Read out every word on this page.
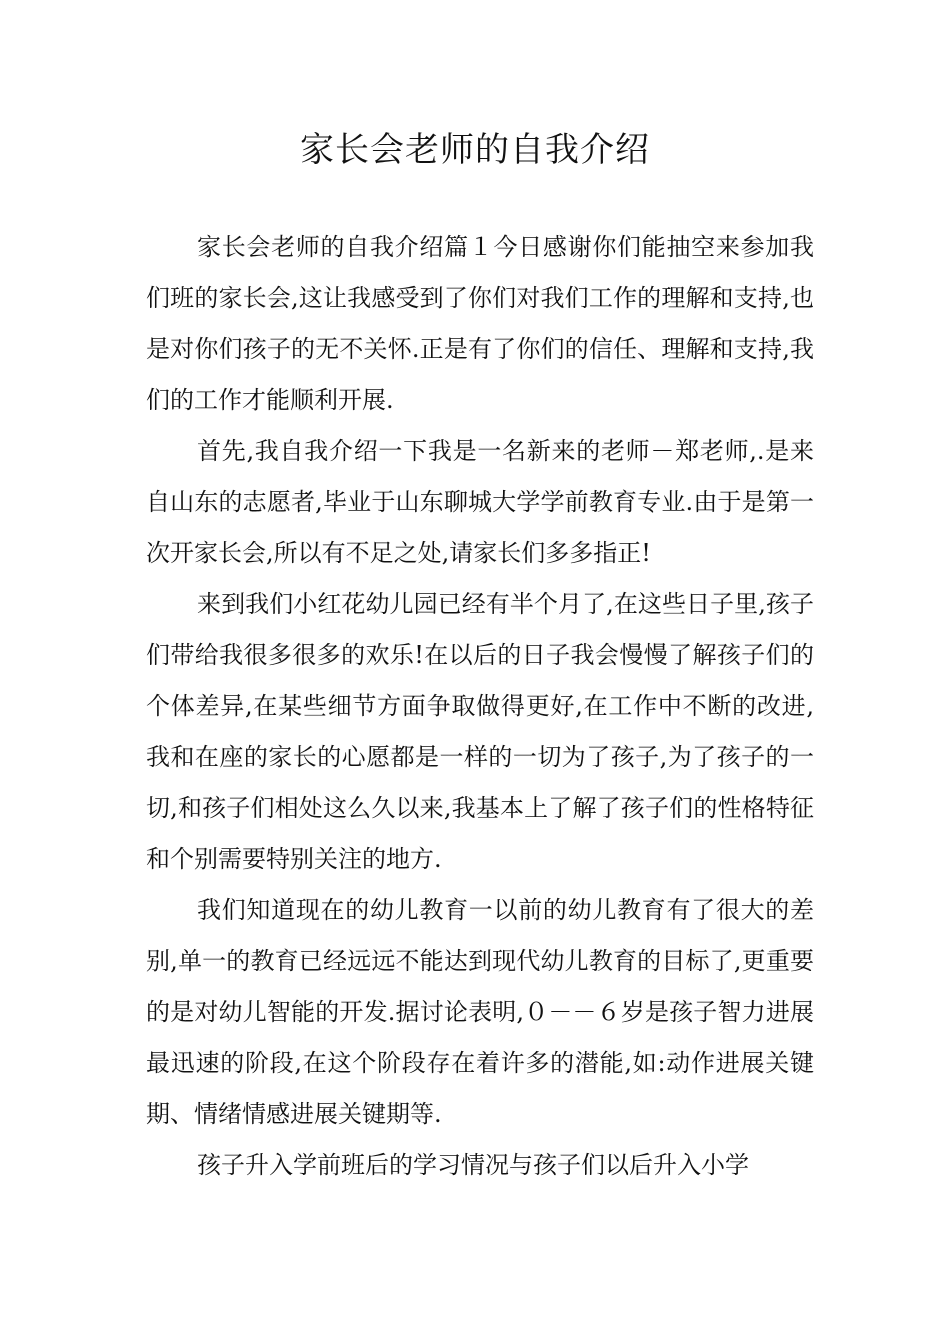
家长会老师的自我介绍

家长会老师的自我介绍篇１今日感谢你们能抽空来参加我们班的家长会,这让我感受到了你们对我们工作的理解和支持,也是对你们孩子的无不关怀.正是有了你们的信任、理解和支持,我们的工作才能顺利开展.

首先,我自我介绍一下我是一名新来的老师－郑老师,.是来自山东的志愿者,毕业于山东聊城大学学前教育专业.由于是第一次开家长会,所以有不足之处,请家长们多多指正!

来到我们小红花幼儿园已经有半个月了,在这些日子里,孩子们带给我很多很多的欢乐!在以后的日子我会慢慢了解孩子们的个体差异,在某些细节方面争取做得更好,在工作中不断的改进,我和在座的家长的心愿都是一样的一切为了孩子,为了孩子的一切,和孩子们相处这么久以来,我基本上了解了孩子们的性格特征和个别需要特别关注的地方.

我们知道现在的幼儿教育一以前的幼儿教育有了很大的差别,单一的教育已经远远不能达到现代幼儿教育的目标了,更重要的是对幼儿智能的开发.据讨论表明,０－－６岁是孩子智力进展最迅速的阶段,在这个阶段存在着许多的潜能,如:动作进展关键期、情绪情感进展关键期等.

孩子升入学前班后的学习情况与孩子们以后升入小学
